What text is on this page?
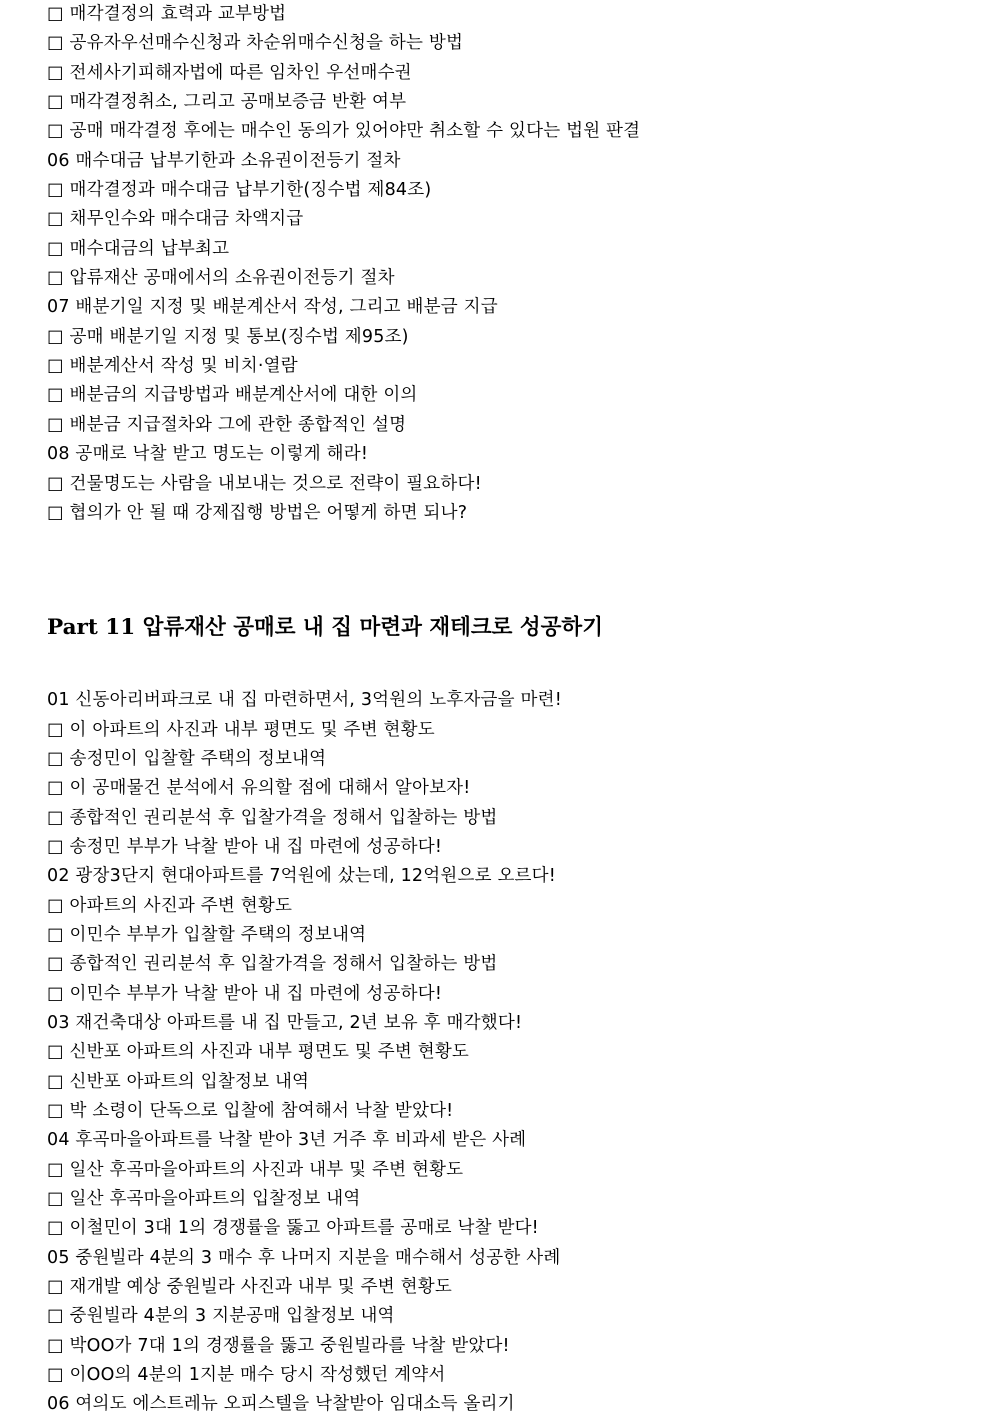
□ 매각결정의 효력과 교부방법
□ 공유자우선매수신청과 차순위매수신청을 하는 방법
□ 전세사기피해자법에 따른 임차인 우선매수권
□ 매각결정취소, 그리고 공매보증금 반환 여부
□ 공매 매각결정 후에는 매수인 동의가 있어야만 취소할 수 있다는 법원 판결
06 매수대금 납부기한과 소유권이전등기 절차
□ 매각결정과 매수대금 납부기한(징수법 제84조)
□ 채무인수와 매수대금 차액지급
□ 매수대금의 납부최고
□ 압류재산 공매에서의 소유권이전등기 절차
07 배분기일 지정 및 배분계산서 작성, 그리고 배분금 지급
□ 공매 배분기일 지정 및 통보(징수법 제95조)
□ 배분계산서 작성 및 비치·열람
□ 배분금의 지급방법과 배분계산서에 대한 이의
□ 배분금 지급절차와 그에 관한 종합적인 설명
08 공매로 낙찰 받고 명도는 이렇게 해라!
□ 건물명도는 사람을 내보내는 것으로 전략이 필요하다!
□ 협의가 안 될 때 강제집행 방법은 어떻게 하면 되나?
Part 11 압류재산 공매로 내 집 마련과 재테크로 성공하기
01 신동아리버파크로 내 집 마련하면서, 3억원의 노후자금을 마련!
□ 이 아파트의 사진과 내부 평면도 및 주변 현황도
□ 송정민이 입찰할 주택의 정보내역
□ 이 공매물건 분석에서 유의할 점에 대해서 알아보자!
□ 종합적인 권리분석 후 입찰가격을 정해서 입찰하는 방법
□ 송정민 부부가 낙찰 받아 내 집 마련에 성공하다!
02 광장3단지 현대아파트를 7억원에 샀는데, 12억원으로 오르다!
□ 아파트의 사진과 주변 현황도
□ 이민수 부부가 입찰할 주택의 정보내역
□ 종합적인 권리분석 후 입찰가격을 정해서 입찰하는 방법
□ 이민수 부부가 낙찰 받아 내 집 마련에 성공하다!
03 재건축대상 아파트를 내 집 만들고, 2년 보유 후 매각했다!
□ 신반포 아파트의 사진과 내부 평면도 및 주변 현황도
□ 신반포 아파트의 입찰정보 내역
□ 박 소령이 단독으로 입찰에 참여해서 낙찰 받았다!
04 후곡마을아파트를 낙찰 받아 3년 거주 후 비과세 받은 사례
□ 일산 후곡마을아파트의 사진과 내부 및 주변 현황도
□ 일산 후곡마을아파트의 입찰정보 내역
□ 이철민이 3대 1의 경쟁률을 뚫고 아파트를 공매로 낙찰 받다!
05 중원빌라 4분의 3 매수 후 나머지 지분을 매수해서 성공한 사례
□ 재개발 예상 중원빌라 사진과 내부 및 주변 현황도
□ 중원빌라 4분의 3 지분공매 입찰정보 내역
□ 박OO가 7대 1의 경쟁률을 뚫고 중원빌라를 낙찰 받았다!
□ 이OO의 4분의 1지분 매수 당시 작성했던 계약서
06 여의도 에스트레뉴 오피스텔을 낙찰받아 임대소득 올리기
